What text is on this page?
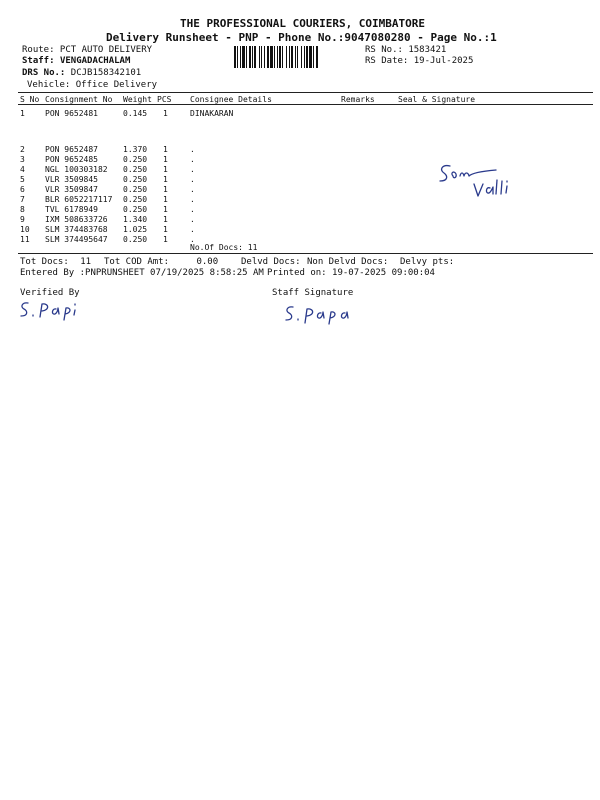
THE PROFESSIONAL COURIERS, COIMBATORE
Delivery Runsheet - PNP - Phone No.:9047080280 - Page No.:1
Route: PCT AUTO DELIVERY
Staff: VENGADACHALAM
DRS No.: DCJB158342101
Vehicle: Office Delivery
RS No.: 1583421
RS Date: 19-Jul-2025
S No Consignment No Weight PCS Consignee Details	Remarks	Seal & Signature
1	PON 9652481	0.145 1	DINAKARAN
2	PON 9652487	1.370 1	.
3	PON 9652485	0.250 1	.
4	NGL 100303182 0.250 1	.
5	VLR 3509845	0.250 1	.
6	VLR 3509847	0.250 1	.
7	BLR 6052217117 0.250 1	.
8	TVL 6178949	0.250 1	.
9	IXM 508633726 1.340 1	.
10 SLM 374483768 1.025 1	.
11 SLM 374495647 0.250 1	.
No.Of Docs: 11
Tot Docs: 11 Tot COD Amt:	0.00	Delvd Docs: Non Delvd Docs: Delvy pts:
Entered By :PNPRUNSHEET 07/19/2025 8:58:25 AM Printed on: 19-07-2025 09:00:04
Verified By	Staff Signature
